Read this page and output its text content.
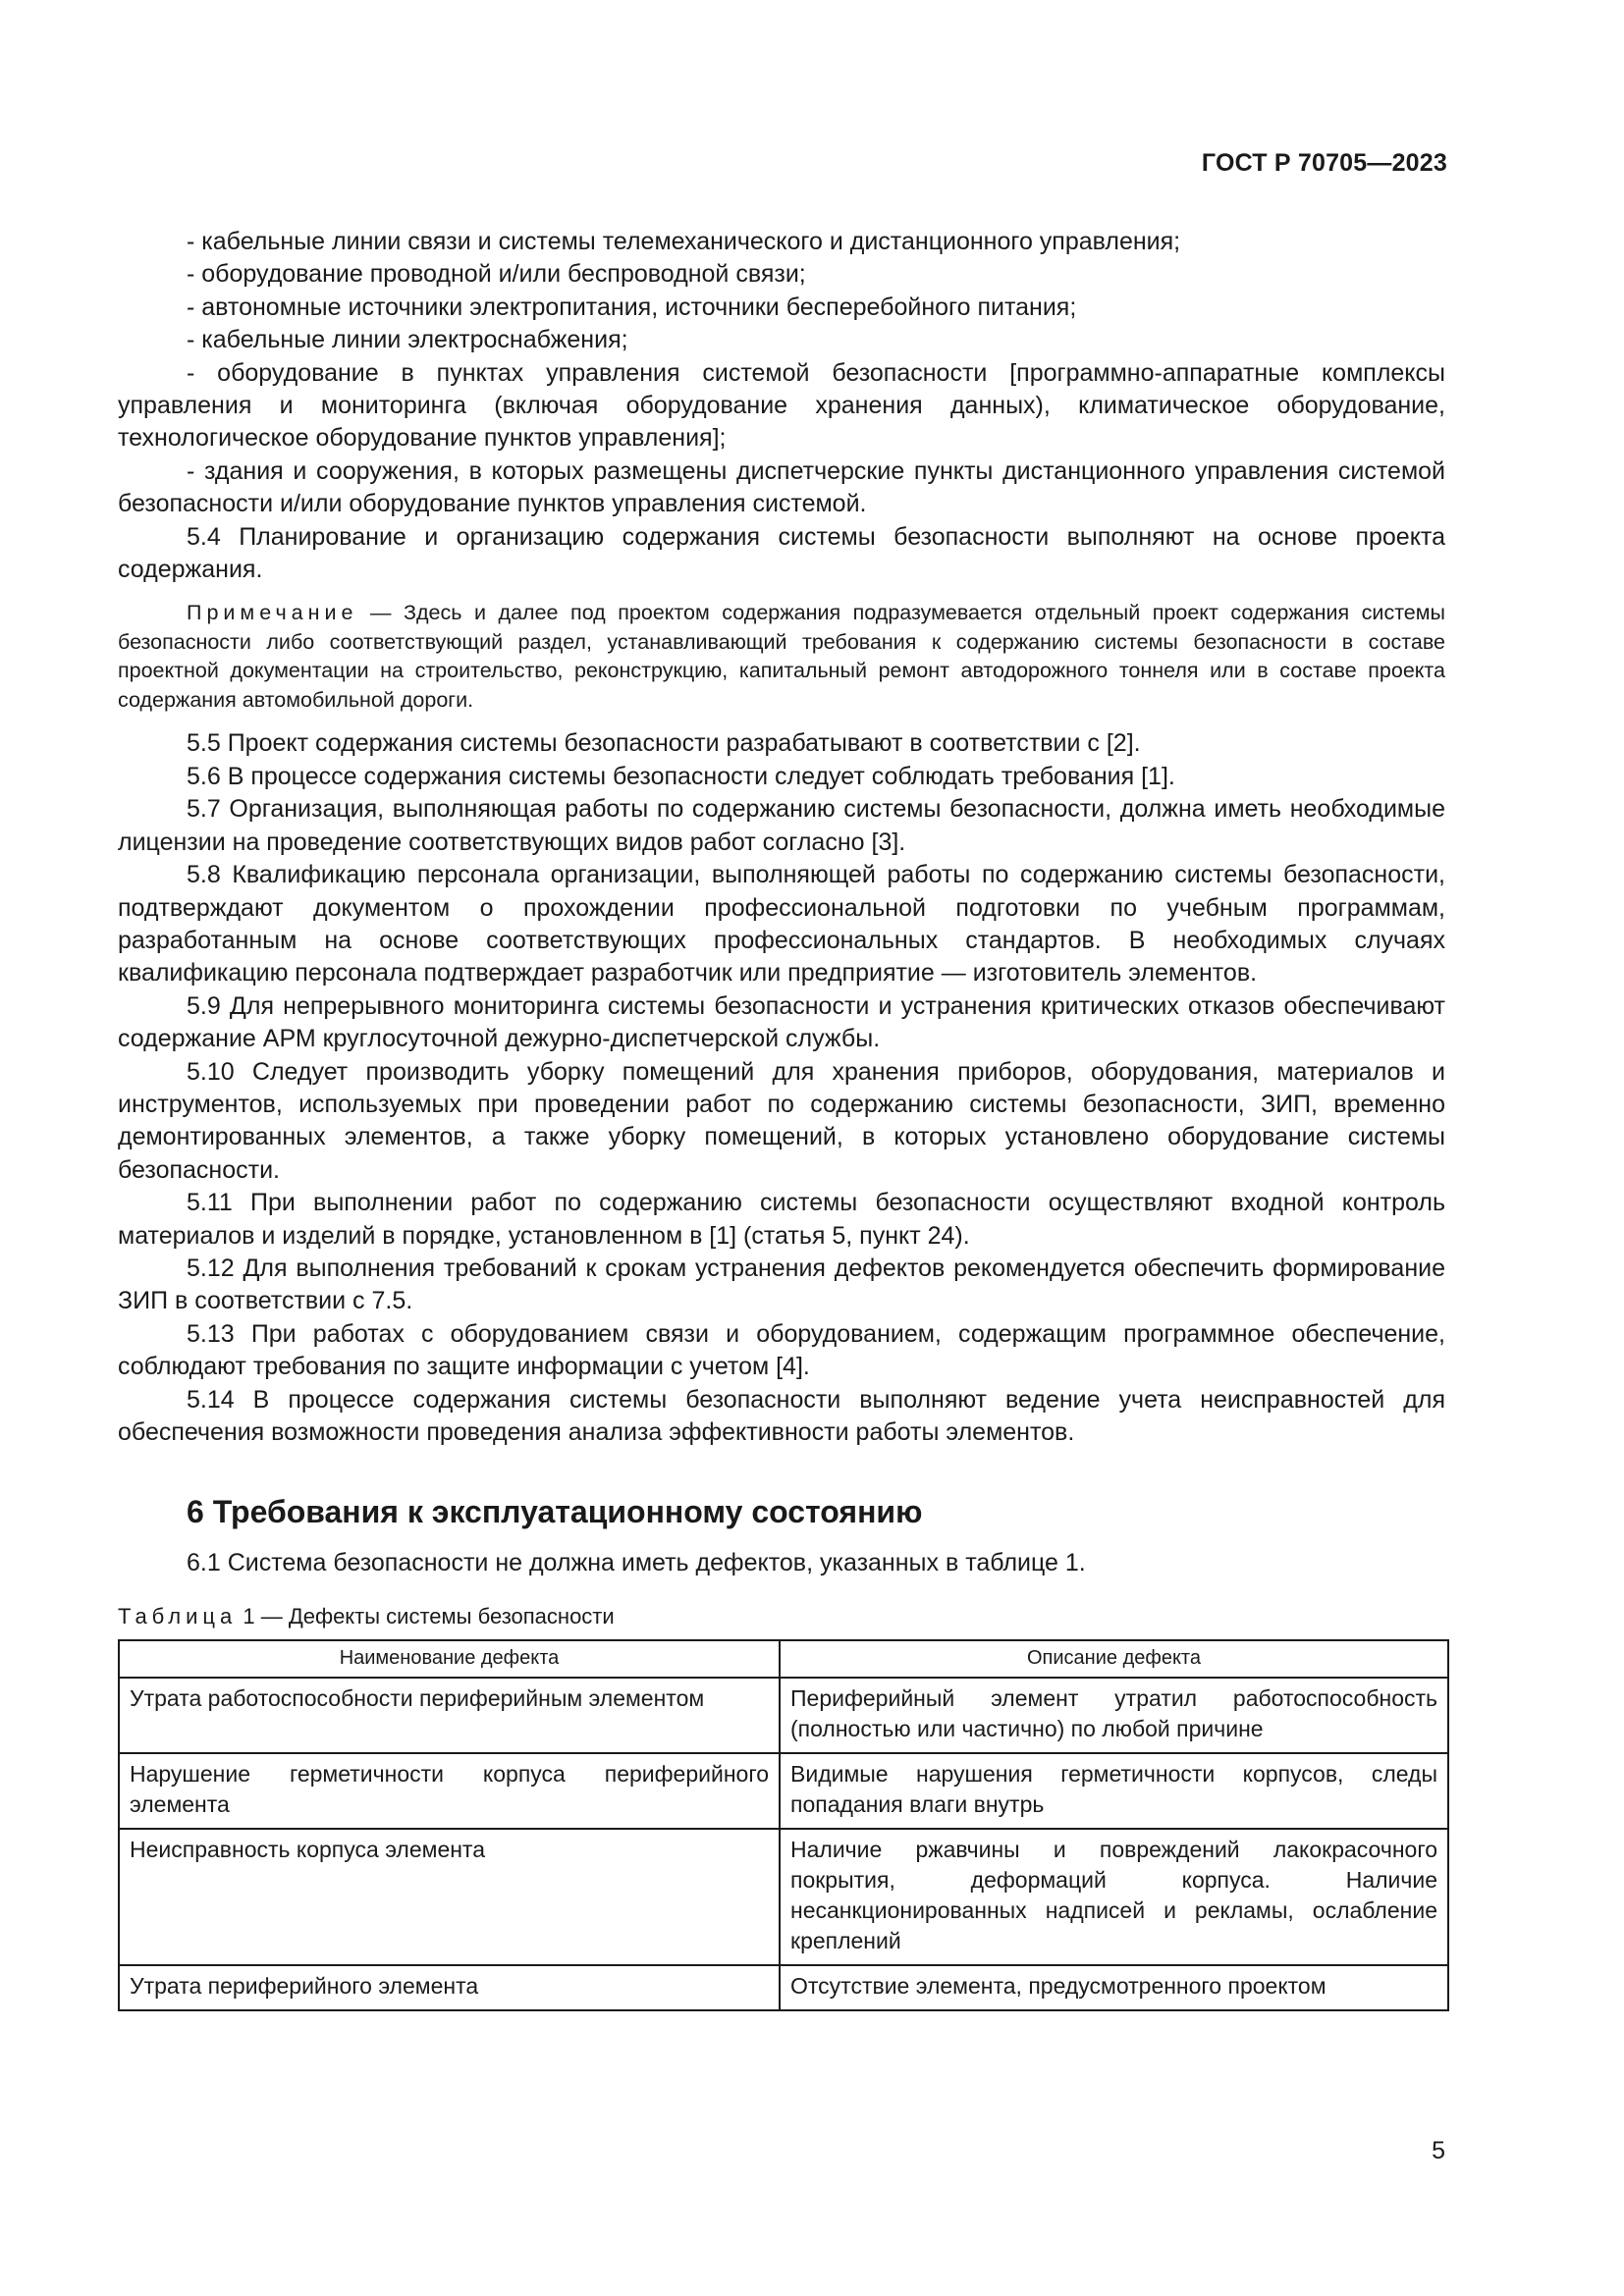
ГОСТ Р 70705—2023

- кабельные линии связи и системы телемеханического и дистанционного управления;

- оборудование проводной и/или беспроводной связи;

- автономные источники электропитания, источники бесперебойного питания;

- кабельные линии электроснабжения;

- оборудование в пунктах управления системой безопасности [программно-аппаратные комплексы управления и мониторинга (включая оборудование хранения данных), климатическое оборудование, технологическое оборудование пунктов управления];

- здания и сооружения, в которых размещены диспетчерские пункты дистанционного управления системой безопасности и/или оборудование пунктов управления системой.

5.4 Планирование и организацию содержания системы безопасности выполняют на основе проекта содержания.

Примечание — Здесь и далее под проектом содержания подразумевается отдельный проект содержания системы безопасности либо соответствующий раздел, устанавливающий требования к содержанию системы безопасности в составе проектной документации на строительство, реконструкцию, капитальный ремонт автодорожного тоннеля или в составе проекта содержания автомобильной дороги.

5.5 Проект содержания системы безопасности разрабатывают в соответствии с [2].

5.6 В процессе содержания системы безопасности следует соблюдать требования [1].

5.7 Организация, выполняющая работы по содержанию системы безопасности, должна иметь необходимые лицензии на проведение соответствующих видов работ согласно [3].

5.8 Квалификацию персонала организации, выполняющей работы по содержанию системы безопасности, подтверждают документом о прохождении профессиональной подготовки по учебным программам, разработанным на основе соответствующих профессиональных стандартов. В необходимых случаях квалификацию персонала подтверждает разработчик или предприятие — изготовитель элементов.

5.9 Для непрерывного мониторинга системы безопасности и устранения критических отказов обеспечивают содержание АРМ круглосуточной дежурно-диспетчерской службы.

5.10 Следует производить уборку помещений для хранения приборов, оборудования, материалов и инструментов, используемых при проведении работ по содержанию системы безопасности, ЗИП, временно демонтированных элементов, а также уборку помещений, в которых установлено оборудование системы безопасности.

5.11 При выполнении работ по содержанию системы безопасности осуществляют входной контроль материалов и изделий в порядке, установленном в [1] (статья 5, пункт 24).

5.12 Для выполнения требований к срокам устранения дефектов рекомендуется обеспечить формирование ЗИП в соответствии с 7.5.

5.13 При работах с оборудованием связи и оборудованием, содержащим программное обеспечение, соблюдают требования по защите информации с учетом [4].

5.14 В процессе содержания системы безопасности выполняют ведение учета неисправностей для обеспечения возможности проведения анализа эффективности работы элементов.

6 Требования к эксплуатационному состоянию

6.1 Система безопасности не должна иметь дефектов, указанных в таблице 1.

Таблица 1 — Дефекты системы безопасности
Наименование дефекта	Описание дефекта
Утрата работоспособности периферийным элементом	Периферийный элемент утратил работоспособность (полностью или частично) по любой причине
Нарушение герметичности корпуса периферийного элемента	Видимые нарушения герметичности корпусов, следы попадания влаги внутрь
Неисправность корпуса элемента	Наличие ржавчины и повреждений лакокрасочного покрытия, деформаций корпуса. Наличие несанкционированных надписей и рекламы, ослабление креплений
Утрата периферийного элемента	Отсутствие элемента, предусмотренного проектом
5
